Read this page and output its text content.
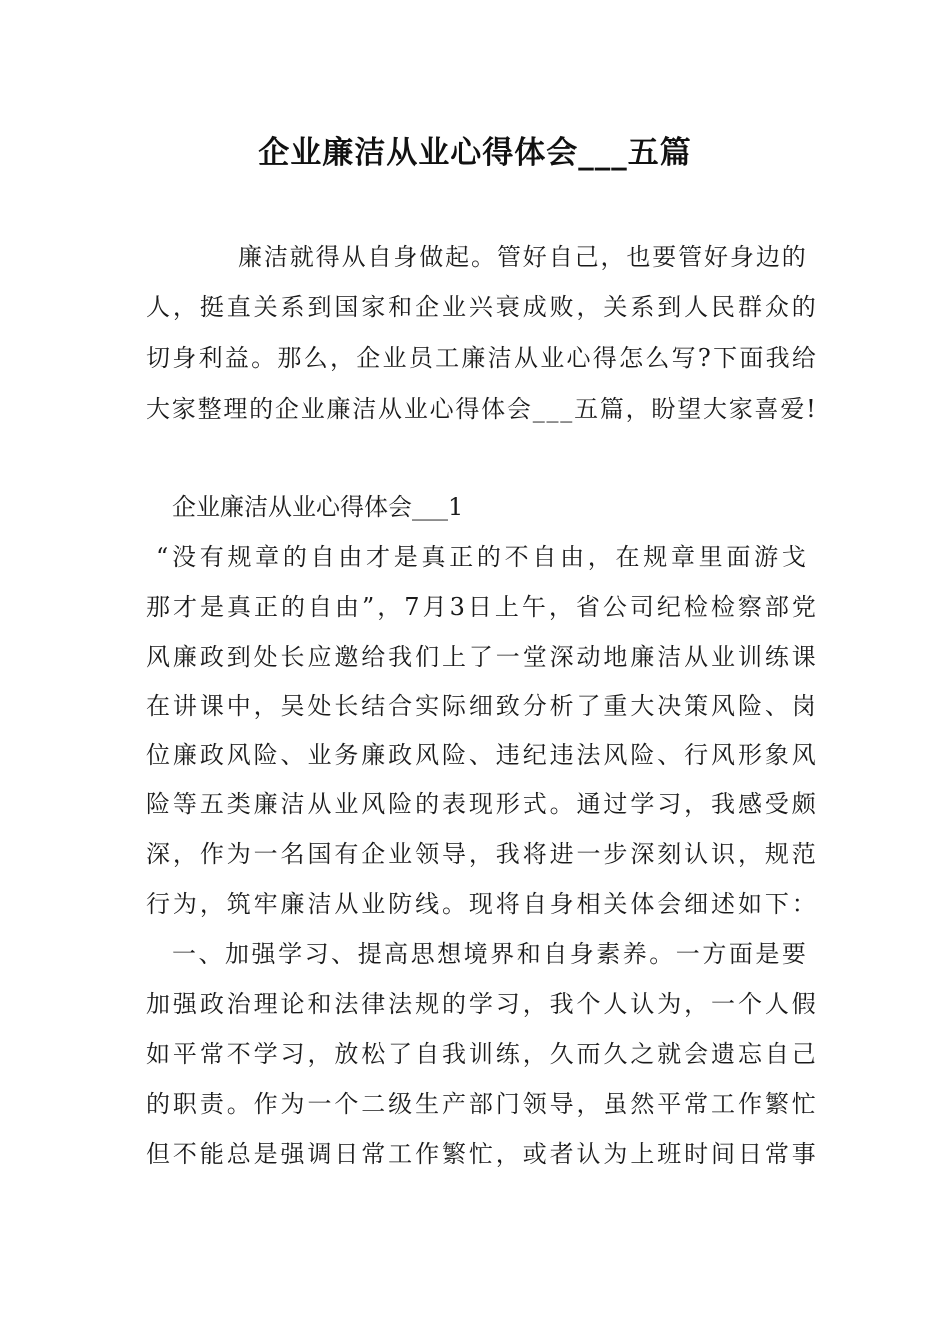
企业廉洁从业心得体会___五篇
廉 洁 就 得 从 自 身 做 起 。 管 好 自 己 ， 也 要 管 好 身 边 的
人 ， 挺 直 关 系 到 国 家 和 企 业 兴 衰 成 败 ， 关 系 到 人 民 群 众 的
切 身 利 益 。 那 么 ， 企 业 员 工 廉 洁 从 业 心 得 怎 么 写 ? 下 面 我 给
大 家 整 理 的 企 业 廉 洁 从 业 心 得 体 会 _ _ _ 五 篇 ， 盼 望 大 家 喜 爱 !
企 业 廉 洁 从 业 心 得 体 会 _ _ _ 1
“ 没 有 规 章 的 自 由 才 是 真 正 的 不 自 由 ， 在 规 章 里 面 游 戈
那 才 是 真 正 的 自 由 ” ， 7 月 3 日 上 午 ， 省 公 司 纪 检 检 察 部 党
风 廉 政 到 处 长 应 邀 给 我 们 上 了 一 堂 深 动 地 廉 洁 从 业 训 练 课
在 讲 课 中 ， 吴 处 长 结 合 实 际 细 致 分 析 了 重 大 决 策 风 险 、 岗
位 廉 政 风 险 、 业 务 廉 政 风 险 、 违 纪 违 法 风 险 、 行 风 形 象 风
险 等 五 类 廉 洁 从 业 风 险 的 表 现 形 式 。 通 过 学 习 ， 我 感 受 颇
深 ， 作 为 一 名 国 有 企 业 领 导 ， 我 将 进 一 步 深 刻 认 识 ， 规 范
行 为 ， 筑 牢 廉 洁 从 业 防 线 。 现 将 自 身 相 关 体 会 细 述 如 下 ：
一 、 加 强 学 习 、 提 高 思 想 境 界 和 自 身 素 养 。 一 方 面 是 要
加 强 政 治 理 论 和 法 律 法 规 的 学 习 ， 我 个 人 认 为 ， 一 个 人 假
如 平 常 不 学 习 ， 放 松 了 自 我 训 练 ， 久 而 久 之 就 会 遗 忘 自 己
的 职 责 。 作 为 一 个 二 级 生 产 部 门 领 导 ， 虽 然 平 常 工 作 繁 忙
但 不 能 总 是 强 调 日 常 工 作 繁 忙 ， 或 者 认 为 上 班 时 间 日 常 事
